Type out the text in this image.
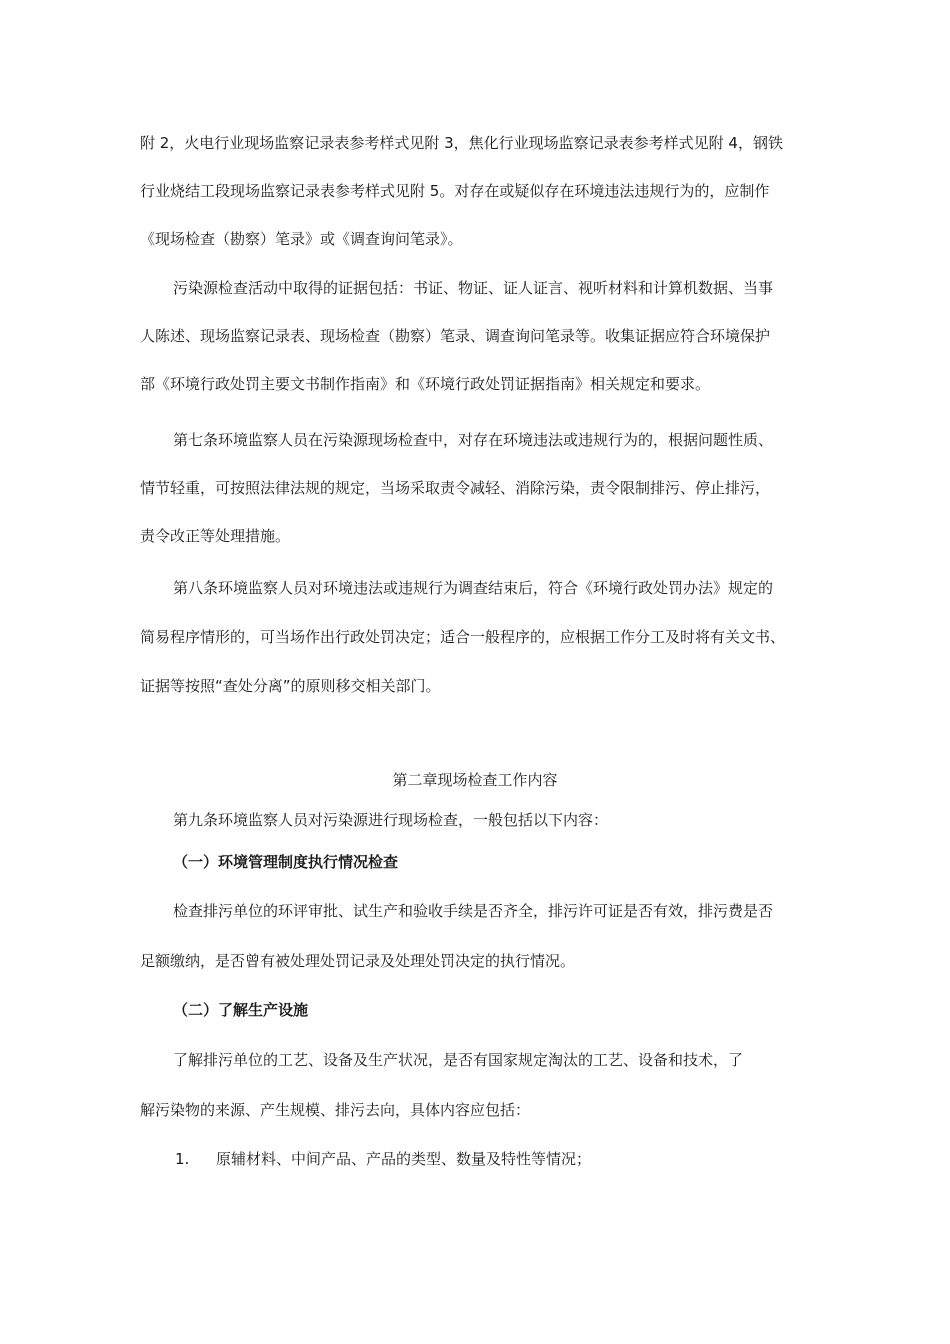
附 2，火电行业现场监察记录表参考样式见附 3，焦化行业现场监察记录表参考样式见附 4，钢铁
行业烧结工段现场监察记录表参考样式见附 5。对存在或疑似存在环境违法违规行为的，应制作
《现场检查（勘察）笔录》或《调查询问笔录》。
污染源检查活动中取得的证据包括：书证、物证、证人证言、视听材料和计算机数据、当事
人陈述、现场监察记录表、现场检查（勘察）笔录、调查询问笔录等。收集证据应符合环境保护
部《环境行政处罚主要文书制作指南》和《环境行政处罚证据指南》相关规定和要求。
第七条环境监察人员在污染源现场检查中，对存在环境违法或违规行为的，根据问题性质、
情节轻重，可按照法律法规的规定，当场采取责令减轻、消除污染，责令限制排污、停止排污，
责令改正等处理措施。
第八条环境监察人员对环境违法或违规行为调查结束后，符合《环境行政处罚办法》规定的
简易程序情形的，可当场作出行政处罚决定；适合一般程序的，应根据工作分工及时将有关文书、
证据等按照“查处分离”的原则移交相关部门。
第二章现场检查工作内容
第九条环境监察人员对污染源进行现场检查，一般包括以下内容：
（一）环境管理制度执行情况检查
检查排污单位的环评审批、试生产和验收手续是否齐全，排污许可证是否有效，排污费是否
足额缴纳，是否曾有被处理处罚记录及处理处罚决定的执行情况。
（二）了解生产设施
了解排污单位的工艺、设备及生产状况，是否有国家规定淘汰的工艺、设备和技术，了
解污染物的来源、产生规模、排污去向，具体内容应包括：
1. 原辅材料、中间产品、产品的类型、数量及特性等情况；
